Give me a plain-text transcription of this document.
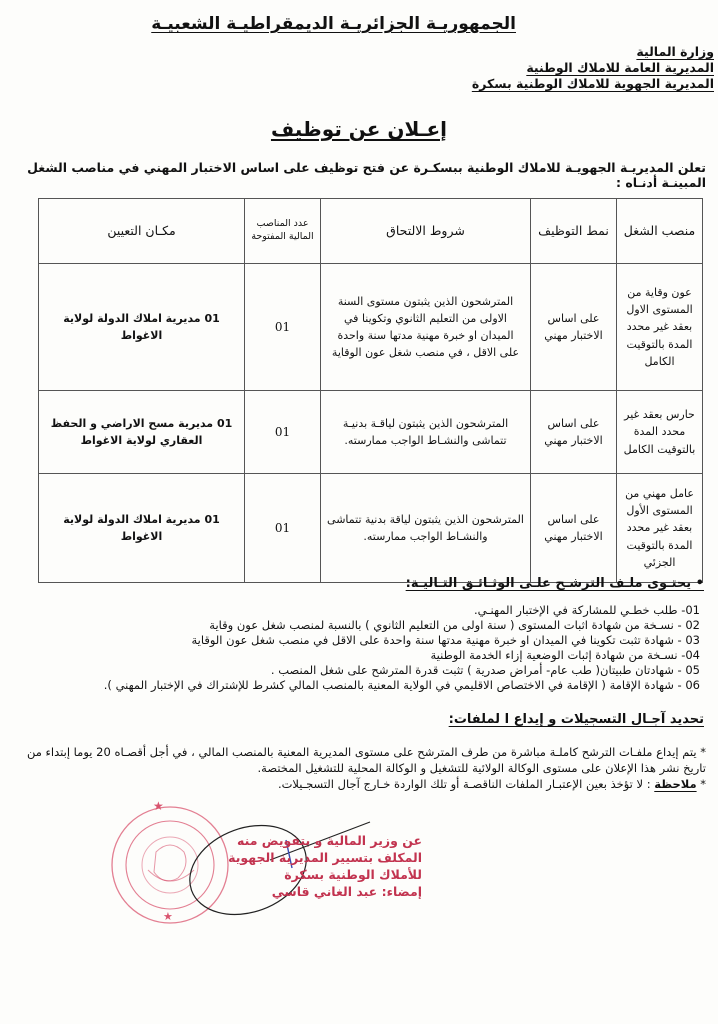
الجمهوريـة الجزائريـة الديمقراطيـة الشعبيـة
وزارة المالية
المديرية العامة للاملاك الوطنية
المديرية الجهوية للاملاك الوطنية بسكرة
إعـلان عن توظيف
تعلن المديريـة الجهويـة للاملاك الوطنية ببسكـرة عن فتح توظيف على اساس الاختبار المهني في مناصب الشغل المبينـة أدنـاه :
منصب الشغل	نمط التوظيف	شروط الالتحاق	عدد المناصب المالية المفتوحة	مكـان التعيين
عون وقاية من المستوى الاول بعقد غير محدد المدة بالتوقيت الكامل	على اساس الاختبار مهني	المترشحون الذين يثبتون مستوى السنة الاولى من التعليم الثانوي وتكوينا في الميدان او خبرة مهنية مدتها سنة واحدة على الاقل ، في منصب شغل عون الوقاية	01	01 مديرية املاك الدولة لولاية الاغواط
حارس بعقد غير محدد المدة بالتوقيت الكامل	على اساس الاختبار مهني	المترشحون الذين يثبتون لياقـة بدنيـة تتماشى والنشـاط الواجب ممارسته.	01	01 مديرية مسح الاراضي و الحفظ العقاري لولاية الاغواط
عامل مهني من المستوى الأول بعقد غير محدد المدة بالتوقيت الجزئي	على اساس الاختبار مهني	المترشحون الذين يثبتون لياقة بدنية تتماشى والنشـاط الواجب ممارسته.	01	01 مديرية املاك الدولة لولاية الاغواط
• يحتـوى ملـف الترشـح علـى الوثـائـق التـاليـة:
01- طلب خطـي للمشاركة في الإختبار المهنـي.
02 - نسـخة من شهادة اثبات المستوى ( سنة اولى من التعليم الثانوي ) بالنسبة لمنصب شغل عون وقاية
03 - شهادة تثبت تكوينا في الميدان او خبرة مهنية مدتها سنة واحدة على الاقل في منصب شغل عون الوقاية
04- نسـخة من شهادة إثبات الوضعية إزاء الخدمة الوطنية
05 - شهادتان طبيتان( طب عام- أمراض صدرية ) تثبت قدرة المترشح على شغل المنصب .
06 - شهادة الإقامة ( الإقامة في الاختصاص الاقليمي في الولاية المعنية بالمنصب المالي كشرط للإشتراك في الإختبار المهني ).
تحديد آجـال التسجيلات و إيداع ا لملفات:
* يتم إيداع ملفـات الترشح كاملـة مباشرة من طرف المترشح على مستوى المديرية المعنية بالمنصب المالي ، في أجل أقصـاه 20 يوما إبتداء من تاريخ نشر هذا الإعلان على مستوى الوكالة الولائية للتشغيل و الوكالة المحلية للتشغيل المختصة.
* ملاحظة : لا تؤخذ بعين الإعتبـار الملفات الناقصـة أو تلك الواردة خـارج آجال التسجـيلات.
★
★
عن وزير المالية و بتفويض منه
المكلف بتسيير المديرية الجهوية
للأملاك الوطنية بسكرة
إمضاء: عبد الغاني قاسي
